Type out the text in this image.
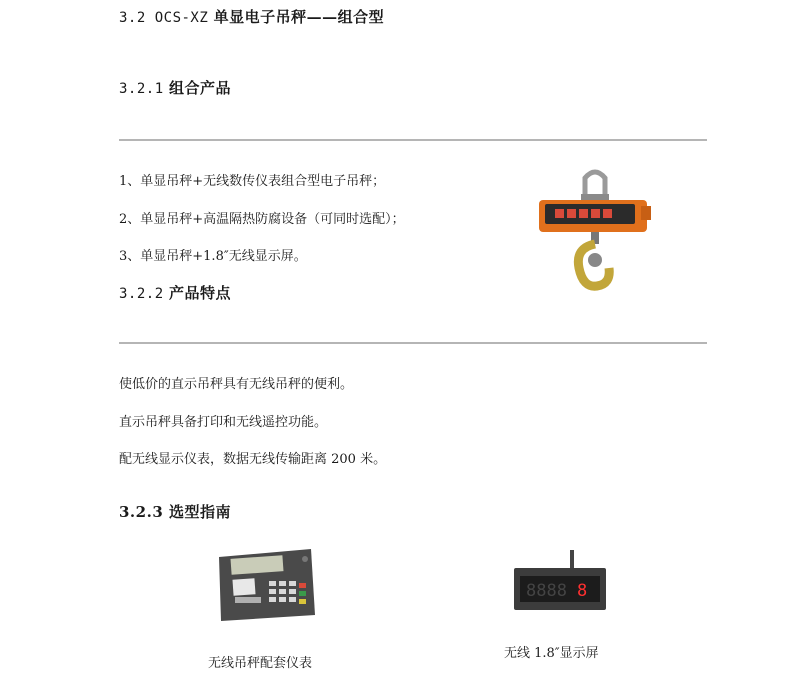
3.2 OCS-XZ 单显电子吊秤——组合型
3.2.1 组合产品
1、单显吊秤+无线数传仪表组合型电子吊秤；
2、单显吊秤+高温隔热防腐设备（可同时选配）；
3、单显吊秤+1.8″无线显示屏。
3.2.2 产品特点
使低价的直示吊秤具有无线吊秤的便利。
直示吊秤具备打印和无线遥控功能。
配无线显示仪表，数据无线传输距离 200 米。
3.2.3 选型指南
无线吊秤配套仪表
8888 8
无线 1.8″显示屏
